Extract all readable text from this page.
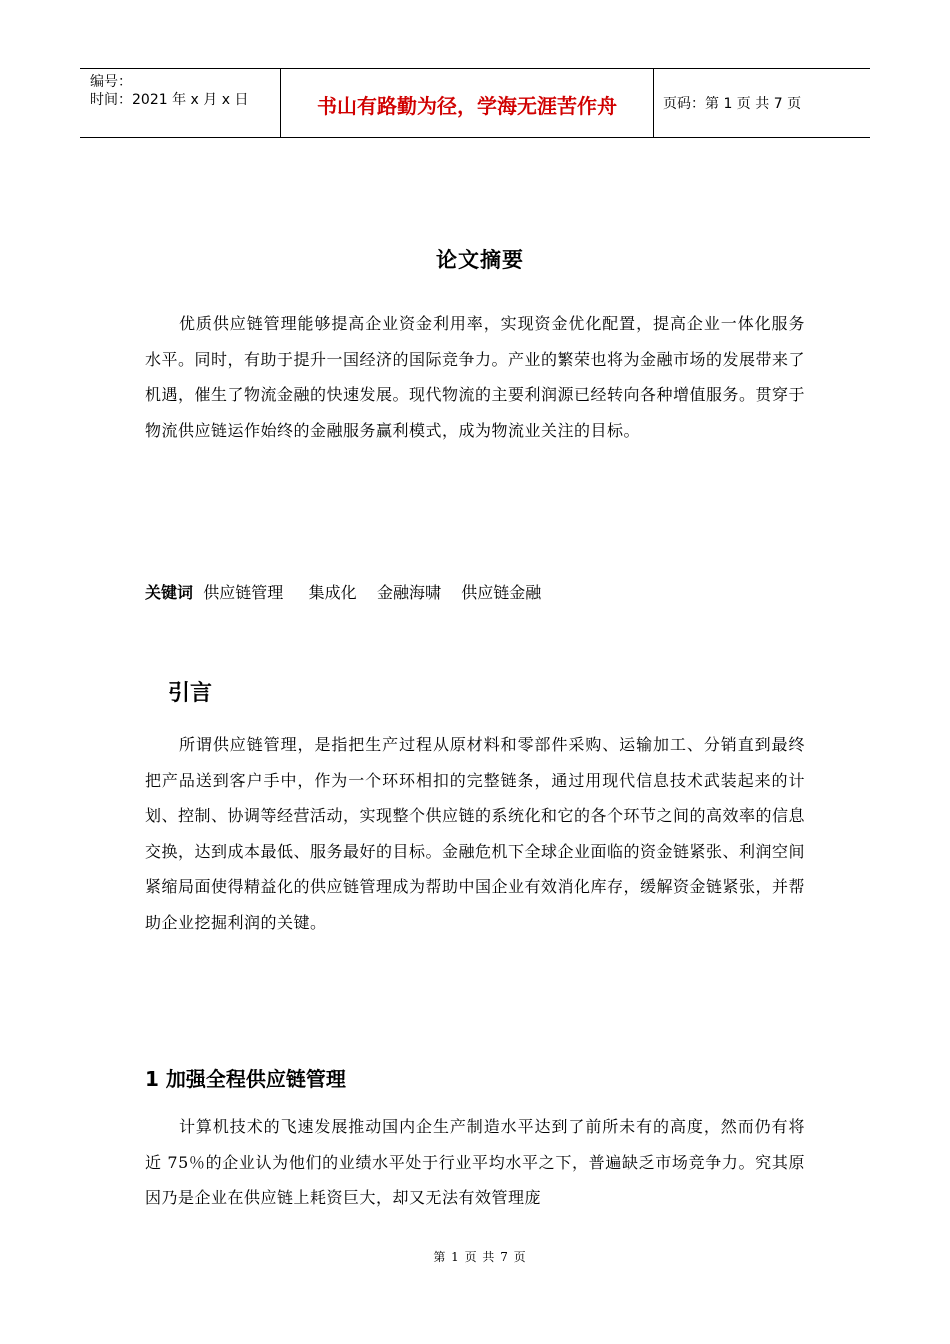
编号：
时间：2021 年 x 月 x 日	书山有路勤为径，学海无涯苦作舟	页码：第 1 页 共 7 页
论文摘要

优质供应链管理能够提高企业资金利用率，实现资金优化配置，提高企业一体化服务水平。同时，有助于提升一国经济的国际竞争力。产业的繁荣也将为金融市场的发展带来了机遇，催生了物流金融的快速发展。现代物流的主要利润源已经转向各种增值服务。贯穿于物流供应链运作始终的金融服务赢利模式，成为物流业关注的目标。

关键词  供应链管理     集成化    金融海啸    供应链金融
引言

所谓供应链管理，是指把生产过程从原材料和零部件采购、运输加工、分销直到最终把产品送到客户手中，作为一个环环相扣的完整链条，通过用现代信息技术武装起来的计划、控制、协调等经营活动，实现整个供应链的系统化和它的各个环节之间的高效率的信息交换，达到成本最低、服务最好的目标。金融危机下全球企业面临的资金链紧张、利润空间紧缩局面使得精益化的供应链管理成为帮助中国企业有效消化库存，缓解资金链紧张，并帮助企业挖掘利润的关键。

1 加强全程供应链管理

计算机技术的飞速发展推动国内企生产制造水平达到了前所未有的高度，然而仍有将近 75％的企业认为他们的业绩水平处于行业平均水平之下，普遍缺乏市场竞争力。究其原因乃是企业在供应链上耗资巨大，却又无法有效管理庞

第 1 页 共 7 页
